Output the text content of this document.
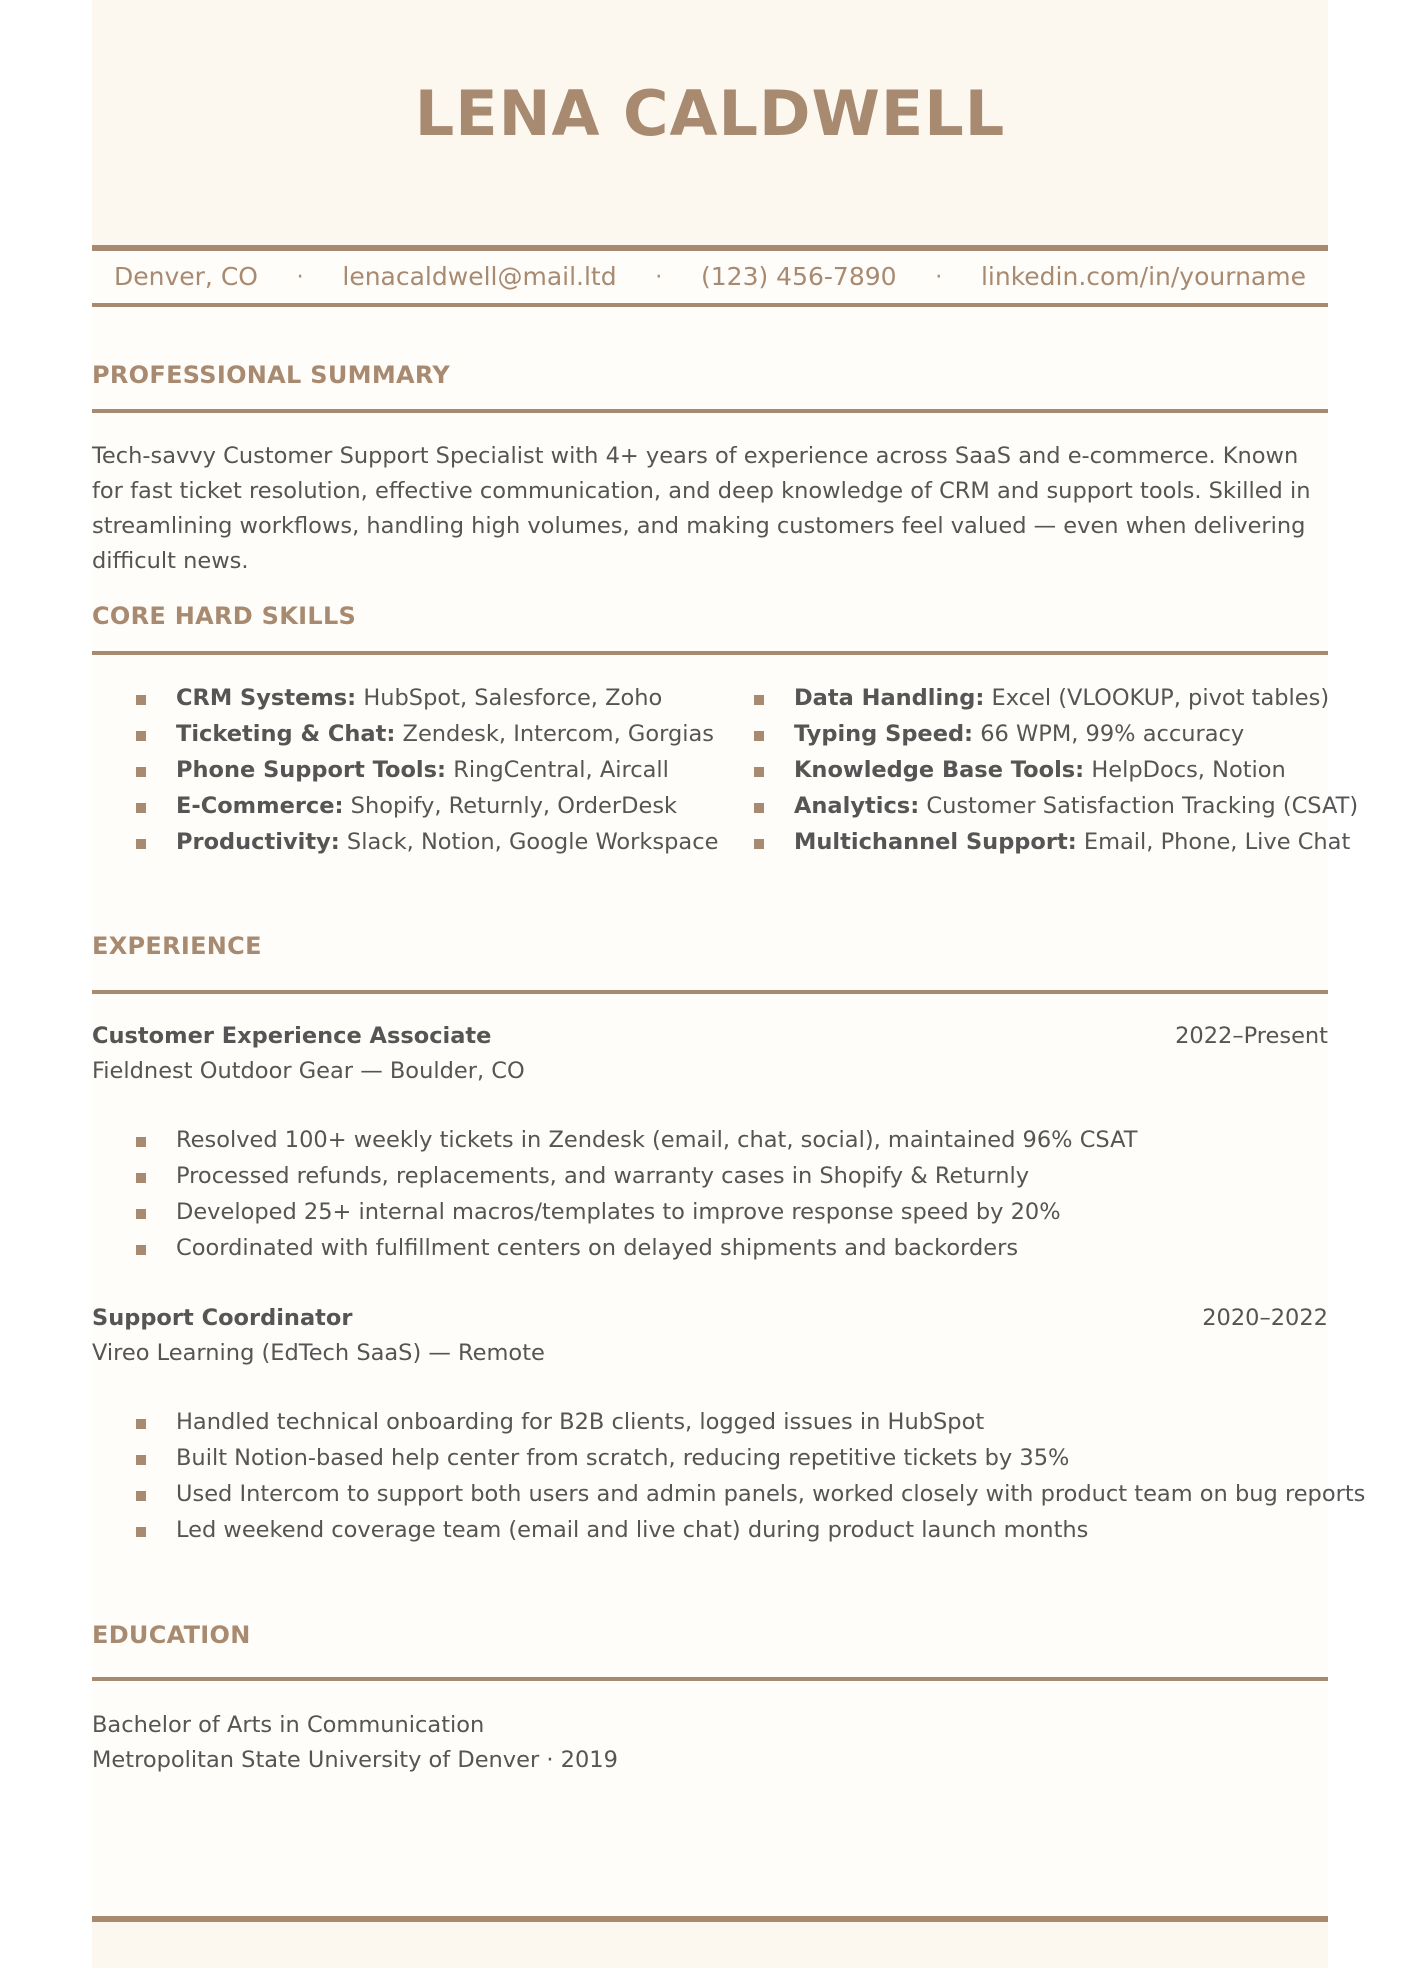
LENA CALDWELL
Denver, CO · lenacaldwell@mail.ltd · (123) 456-7890 · linkedin.com/in/yourname
PROFESSIONAL SUMMARY
Tech-savvy Customer Support Specialist with 4+ years of experience across SaaS and e-commerce. Known for fast ticket resolution, effective communication, and deep knowledge of CRM and support tools. Skilled in streamlining workflows, handling high volumes, and making customers feel valued — even when delivering difficult news.
CORE HARD SKILLS
CRM Systems: HubSpot, Salesforce, Zoho
Ticketing & Chat: Zendesk, Intercom, Gorgias
Phone Support Tools: RingCentral, Aircall
E-Commerce: Shopify, Returnly, OrderDesk
Productivity: Slack, Notion, Google Workspace
Data Handling: Excel (VLOOKUP, pivot tables)
Typing Speed: 66 WPM, 99% accuracy
Knowledge Base Tools: HelpDocs, Notion
Analytics: Customer Satisfaction Tracking (CSAT)
Multichannel Support: Email, Phone, Live Chat
EXPERIENCE
Customer Experience Associate	2022–Present
Fieldnest Outdoor Gear — Boulder, CO
Resolved 100+ weekly tickets in Zendesk (email, chat, social), maintained 96% CSAT
Processed refunds, replacements, and warranty cases in Shopify & Returnly
Developed 25+ internal macros/templates to improve response speed by 20%
Coordinated with fulfillment centers on delayed shipments and backorders
Support Coordinator	2020–2022
Vireo Learning (EdTech SaaS) — Remote
Handled technical onboarding for B2B clients, logged issues in HubSpot
Built Notion-based help center from scratch, reducing repetitive tickets by 35%
Used Intercom to support both users and admin panels, worked closely with product team on bug reports
Led weekend coverage team (email and live chat) during product launch months
EDUCATION
Bachelor of Arts in Communication
Metropolitan State University of Denver · 2019
